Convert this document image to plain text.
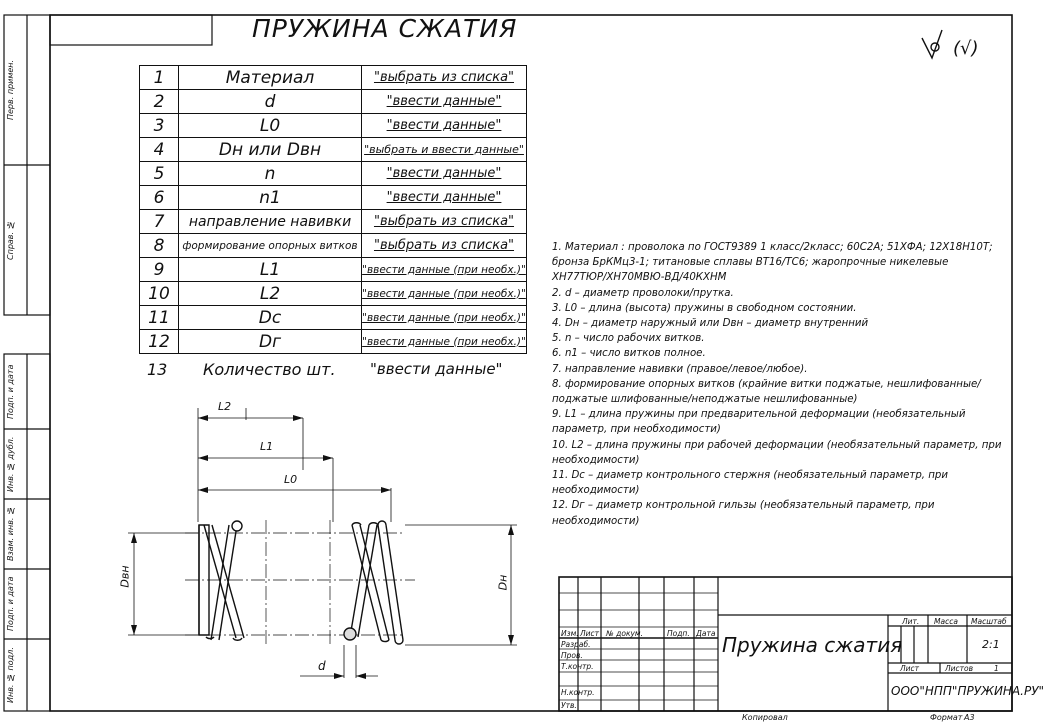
ПРУЖИНА СЖАТИЯ
(√)
Перв. примен.
Справ. №
Подп. и дата
Инв. № дубл.
Взам. инв. №
Подп. и дата
Инв. № подл.
1	Материал	"выбрать из списка"
2	d	"ввести данные"
3	L0	"ввести данные"
4	Dн или Dвн	"выбрать и ввести данные"
5	n	"ввести данные"
6	n1	"ввести данные"
7	направление навивки	"выбрать из списка"
8	формирование опорных витков	"выбрать из списка"
9	L1	"ввести данные (при необх.)"
10	L2	"ввести данные (при необх.)"
11	Dс	"ввести данные (при необх.)"
12	Dг	"ввести данные (при необх.)"
13 Количество шт. "ввести данные"
L2
L1
L0
Dвн	Dн
d
1. Материал : проволока по ГОСТ9389 1 класс/2класс; 60С2А; 51ХФА; 12Х18Н10Т; бронза БрКМц3-1; титановые сплавы ВТ16/ТС6; жаропрочные никелевые ХН77ТЮР/ХН70МВЮ-ВД/40КХНМ
2. d – диаметр проволоки/прутка.
3. L0 – длина (высота) пружины в свободном состоянии.
4. Dн – диаметр наружный или Dвн – диаметр внутренний
5. n – число рабочих витков.
6. n1 – число витков полное.
7. направление навивки (правое/левое/любое).
8. формирование опорных витков (крайние витки поджатые, нешлифованные/поджатые шлифованные/неподжатые нешлифованные)
9. L1 – длина пружины при предварительной деформации (необязательный параметр, при необходимости)
10. L2 – длина пружины при рабочей деформации (необязательный параметр, при необходимости)
11. Dс – диаметр контрольного стержня (необязательный параметр, при необходимости)
12. Dг – диаметр контрольной гильзы (необязательный параметр, при необходимости)
Изм. Лист № докум.	Подп. Дата
Разраб.
Пров.
Т.контр.
Н.контр.
Утв.
Пружина сжатия
Лит. Масса Масштаб
2:1
Лист	Листов	1
ООО"НПП"ПРУЖИНА.РУ"
Копировал	Формат А3
